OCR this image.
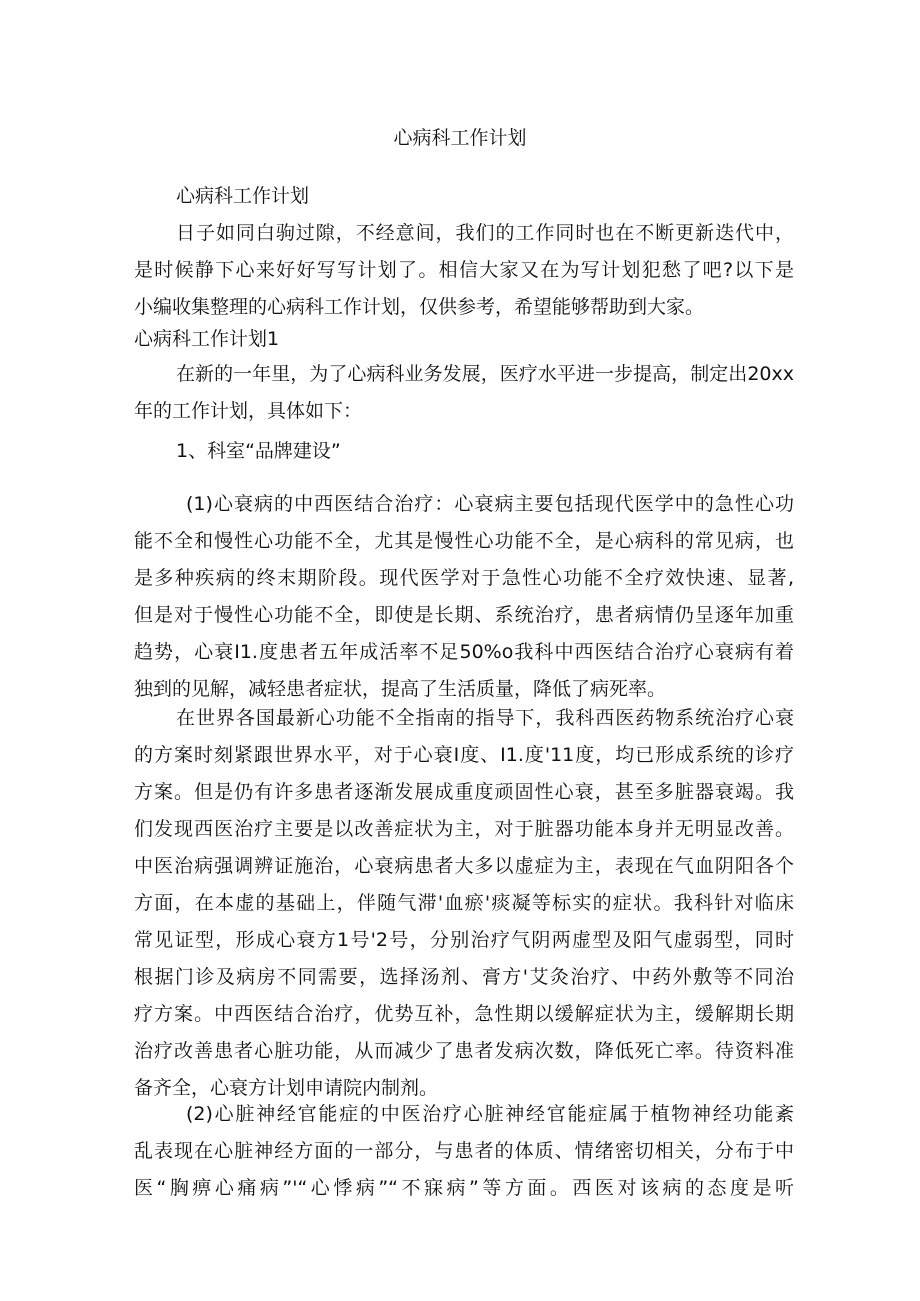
心病科工作计划
心病科工作计划
日子如同白驹过隙，不经意间，我们的工作同时也在不断更新迭代中，
是时候静下心来好好写写计划了。相信大家又在为写计划犯愁了吧?以下是
小编收集整理的心病科工作计划，仅供参考，希望能够帮助到大家。
心病科工作计划1
在新的一年里，为了心病科业务发展，医疗水平进一步提高，制定出20xx
年的工作计划，具体如下：
1、科室“品牌建设”
(1)心衰病的中西医结合治疗：心衰病主要包括现代医学中的急性心功
能不全和慢性心功能不全，尤其是慢性心功能不全，是心病科的常见病，也
是多种疾病的终末期阶段。现代医学对于急性心功能不全疗效快速、显著,
但是对于慢性心功能不全，即使是长期、系统治疗，患者病情仍呈逐年加重
趋势，心衰I1.度患者五年成活率不足50%o我科中西医结合治疗心衰病有着
独到的见解，减轻患者症状，提高了生活质量，降低了病死率。
在世界各国最新心功能不全指南的指导下，我科西医药物系统治疗心衰
的方案时刻紧跟世界水平，对于心衰I度、I1.度'11度，均已形成系统的诊疗
方案。但是仍有许多患者逐渐发展成重度顽固性心衰，甚至多脏器衰竭。我
们发现西医治疗主要是以改善症状为主，对于脏器功能本身并无明显改善。
中医治病强调辨证施治，心衰病患者大多以虚症为主，表现在气血阴阳各个
方面，在本虚的基础上，伴随气滞'血瘀'痰凝等标实的症状。我科针对临床
常见证型，形成心衰方1号'2号，分别治疗气阴两虚型及阳气虚弱型，同时
根据门诊及病房不同需要，选择汤剂、膏方'艾灸治疗、中药外敷等不同治
疗方案。中西医结合治疗，优势互补，急性期以缓解症状为主，缓解期长期
治疗改善患者心脏功能，从而减少了患者发病次数，降低死亡率。待资料准
备齐全，心衰方计划申请院内制剂。
(2)心脏神经官能症的中医治疗心脏神经官能症属于植物神经功能紊
乱表现在心脏神经方面的一部分，与患者的体质、情绪密切相关，分布于中
医“胸痹心痛病”'“心悸病”“不寐病”等方面。西医对该病的态度是听
